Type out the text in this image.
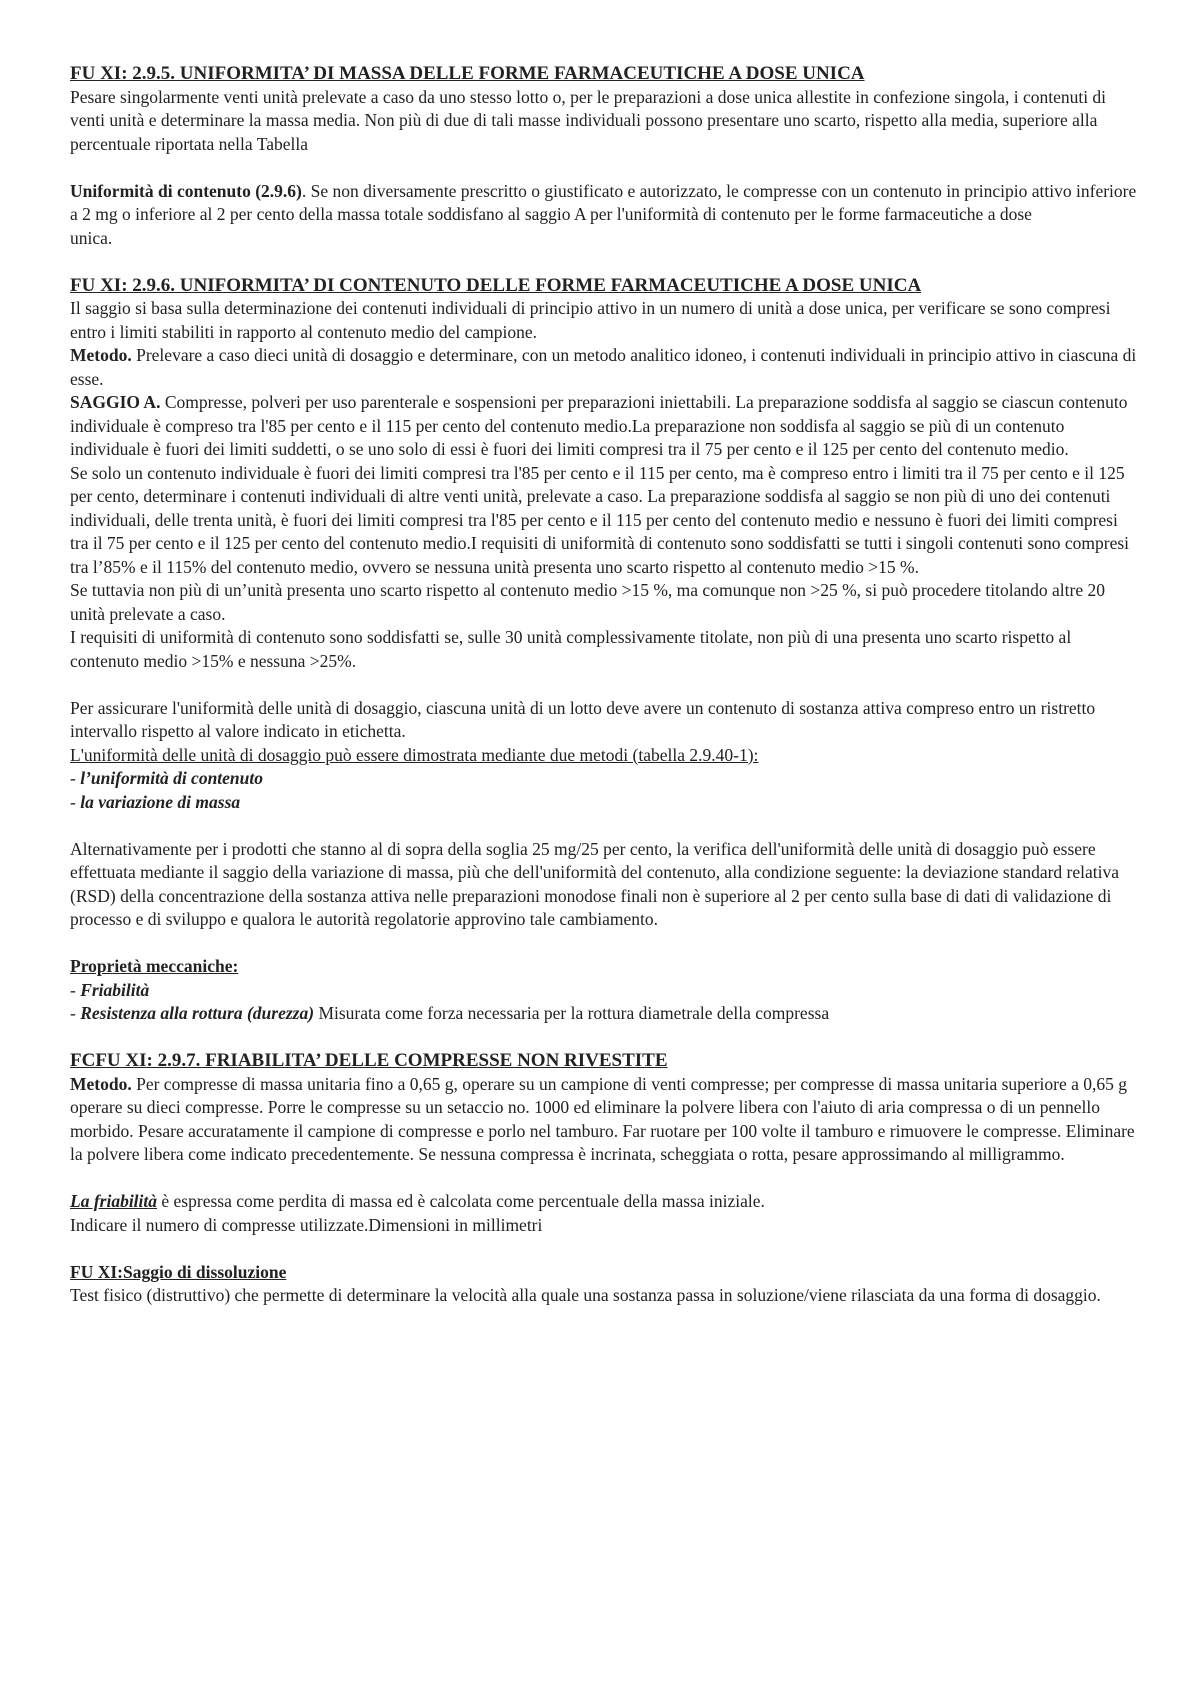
FU XI: 2.9.5. UNIFORMITA’ DI MASSA DELLE FORME FARMACEUTICHE A DOSE UNICA

Pesare singolarmente venti unità prelevate a caso da uno stesso lotto o, per le preparazioni a dose unica allestite in confezione singola, i contenuti di venti unità e determinare la massa media. Non più di due di tali masse individuali possono presentare uno scarto, rispetto alla media, superiore alla percentuale riportata nella Tabella

Uniformità di contenuto (2.9.6). Se non diversamente prescritto o giustificato e autorizzato, le compresse con un contenuto in principio attivo inferiore a 2 mg o inferiore al 2 per cento della massa totale soddisfano al saggio A per l'uniformità di contenuto per le forme farmaceutiche a dose

unica.

FU XI: 2.9.6. UNIFORMITA’ DI CONTENUTO DELLE FORME FARMACEUTICHE A DOSE UNICA

Il saggio si basa sulla determinazione dei contenuti individuali di principio attivo in un numero di unità a dose unica, per verificare se sono compresi entro i limiti stabiliti in rapporto al contenuto medio del campione.

Metodo. Prelevare a caso dieci unità di dosaggio e determinare, con un metodo analitico idoneo, i contenuti individuali in principio attivo in ciascuna di esse.

SAGGIO A. Compresse, polveri per uso parenterale e sospensioni per preparazioni iniettabili. La preparazione soddisfa al saggio se ciascun contenuto individuale è compreso tra l'85 per cento e il 115 per cento del contenuto medio.La preparazione non soddisfa al saggio se più di un contenuto individuale è fuori dei limiti suddetti, o se uno solo di essi è fuori dei limiti compresi tra il 75 per cento e il 125 per cento del contenuto medio.

Se solo un contenuto individuale è fuori dei limiti compresi tra l'85 per cento e il 115 per cento, ma è compreso entro i limiti tra il 75 per cento e il 125 per cento, determinare i contenuti individuali di altre venti unità, prelevate a caso. La preparazione soddisfa al saggio se non più di uno dei contenuti individuali, delle trenta unità, è fuori dei limiti compresi tra l'85 per cento e il 115 per cento del contenuto medio e nessuno è fuori dei limiti compresi tra il 75 per cento e il 125 per cento del contenuto medio.I requisiti di uniformità di contenuto sono soddisfatti se tutti i singoli contenuti sono compresi tra l’85% e il 115% del contenuto medio, ovvero se nessuna unità presenta uno scarto rispetto al contenuto medio >15 %.

Se tuttavia non più di un’unità presenta uno scarto rispetto al contenuto medio >15 %, ma comunque non >25 %, si può procedere titolando altre 20 unità prelevate a caso.

I requisiti di uniformità di contenuto sono soddisfatti se, sulle 30 unità complessivamente titolate, non più di una presenta uno scarto rispetto al contenuto medio >15% e nessuna >25%.

Per assicurare l'uniformità delle unità di dosaggio, ciascuna unità di un lotto deve avere un contenuto di sostanza attiva compreso entro un ristretto intervallo rispetto al valore indicato in etichetta.

L'uniformità delle unità di dosaggio può essere dimostrata mediante due metodi (tabella 2.9.40-1):

- l’uniformità di contenuto

- la variazione di massa

Alternativamente per i prodotti che stanno al di sopra della soglia 25 mg/25 per cento, la verifica dell'uniformità delle unità di dosaggio può essere effettuata mediante il saggio della variazione di massa, più che dell'uniformità del contenuto, alla condizione seguente: la deviazione standard relativa (RSD) della concentrazione della sostanza attiva nelle preparazioni monodose finali non è superiore al 2 per cento sulla base di dati di validazione di processo e di sviluppo e qualora le autorità regolatorie approvino tale cambiamento.

Proprietà meccaniche:

- Friabilità

- Resistenza alla rottura (durezza) Misurata come forza necessaria per la rottura diametrale della compressa

FCFU XI: 2.9.7. FRIABILITA’ DELLE COMPRESSE NON RIVESTITE

Metodo. Per compresse di massa unitaria fino a 0,65 g, operare su un campione di venti compresse; per compresse di massa unitaria superiore a 0,65 g operare su dieci compresse. Porre le compresse su un setaccio no. 1000 ed eliminare la polvere libera con l'aiuto di aria compressa o di un pennello morbido. Pesare accuratamente il campione di compresse e porlo nel tamburo. Far ruotare per 100 volte il tamburo e rimuovere le compresse. Eliminare la polvere libera come indicato precedentemente. Se nessuna compressa è incrinata, scheggiata o rotta, pesare approssimando al milligrammo.

La friabilità è espressa come perdita di massa ed è calcolata come percentuale della massa iniziale.

Indicare il numero di compresse utilizzate.Dimensioni in millimetri

FU XI:Saggio di dissoluzione

Test fisico (distruttivo) che permette di determinare la velocità alla quale una sostanza passa in soluzione/viene rilasciata da una forma di dosaggio.
